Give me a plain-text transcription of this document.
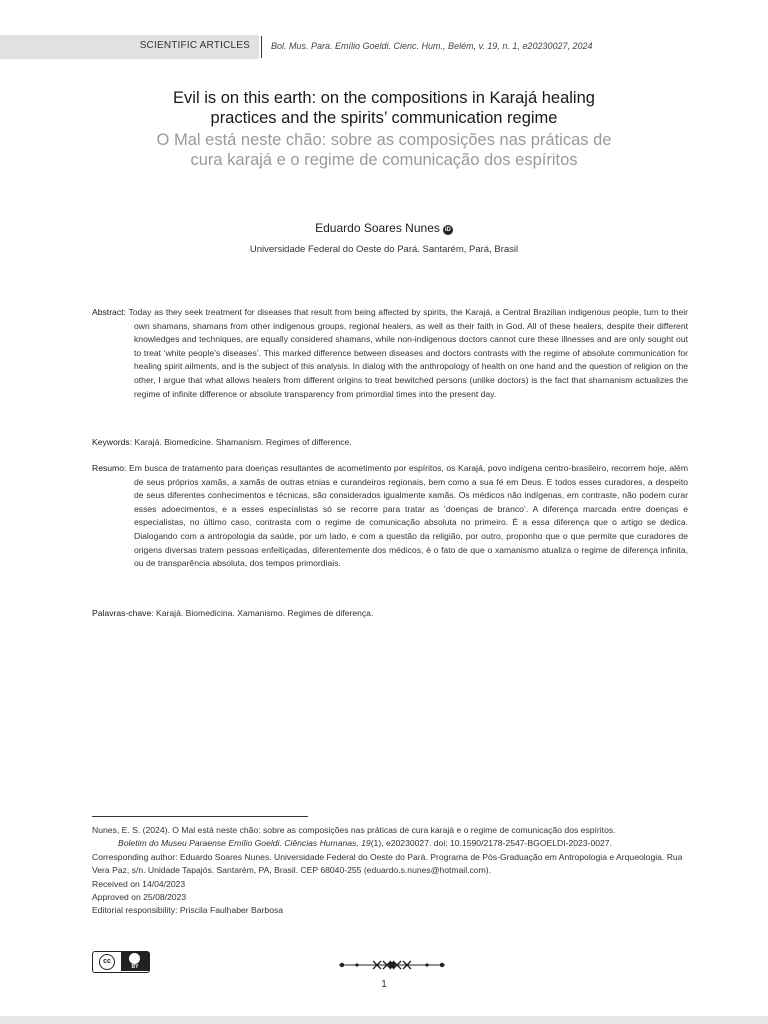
SCIENTIFIC ARTICLES Bol. Mus. Para. Emílio Goeldi. Cienc. Hum., Belém, v. 19, n. 1, e20230027, 2024
Evil is on this earth: on the compositions in Karajá healing practices and the spirits’ communication regime
O Mal está neste chão: sobre as composições nas práticas de cura karajá e o regime de comunicação dos espíritos
Eduardo Soares Nunes iD
Universidade Federal do Oeste do Pará. Santarém, Pará, Brasil
Abstract: Today as they seek treatment for diseases that result from being affected by spirits, the Karajá, a Central Brazilian indigenous people, turn to their own shamans, shamans from other indigenous groups, regional healers, as well as their faith in God. All of these healers, despite their different knowledges and techniques, are equally considered shamans, while non-indigenous doctors cannot cure these illnesses and are only sought out to treat ‘white people’s diseases’. This marked difference between diseases and doctors contrasts with the regime of absolute communication for healing spirit ailments, and is the subject of this analysis. In dialog with the anthropology of health on one hand and the question of religion on the other, I argue that what allows healers from different origins to treat bewitched persons (unlike doctors) is the fact that shamanism actualizes the regime of infinite difference or absolute transparency from primordial times into the present day.
Keywords: Karajá. Biomedicine. Shamanism. Regimes of difference.
Resumo: Em busca de tratamento para doenças resultantes de acometimento por espíritos, os Karajá, povo indígena centro-brasileiro, recorrem hoje, além de seus próprios xamãs, a xamãs de outras etnias e curandeiros regionais, bem como a sua fé em Deus. E todos esses curadores, a despeito de seus diferentes conhecimentos e técnicas, são considerados igualmente xamãs. Os médicos não indígenas, em contraste, não podem curar esses adoecimentos, e a esses especialistas só se recorre para tratar as ‘doenças de branco’. A diferença marcada entre doenças e especialistas, no último caso, contrasta com o regime de comunicação absoluta no primeiro. É a essa diferença que o artigo se dedica. Dialogando com a antropologia da saúde, por um lado, e com a questão da religião, por outro, proponho que o que permite que curadores de origens diversas tratem pessoas enfeitiçadas, diferentemente dos médicos, é o fato de que o xamanismo atualiza o regime de diferença infinita, ou de transparência absoluta, dos tempos primordiais.
Palavras-chave: Karajá. Biomedicina. Xamanismo. Regimes de diferença.
Nunes, E. S. (2024). O Mal está neste chão: sobre as composições nas práticas de cura karajá e o regime de comunicação dos espíritos.
Boletim do Museu Paraense Emílio Goeldi. Ciências Humanas, 19(1), e20230027. doi: 10.1590/2178-2547-BGOELDI-2023-0027.
Corresponding author: Eduardo Soares Nunes. Universidade Federal do Oeste do Pará. Programa de Pós-Graduação em Antropologia e Arqueologia. Rua Vera Paz, s/n. Unidade Tapajós. Santarém, PA, Brasil. CEP 68040-255 (eduardo.s.nunes@hotmail.com).
Received on 14/04/2023
Approved on 25/08/2023
Editorial responsibility: Priscila Faulhaber Barbosa
cc
BY
1
